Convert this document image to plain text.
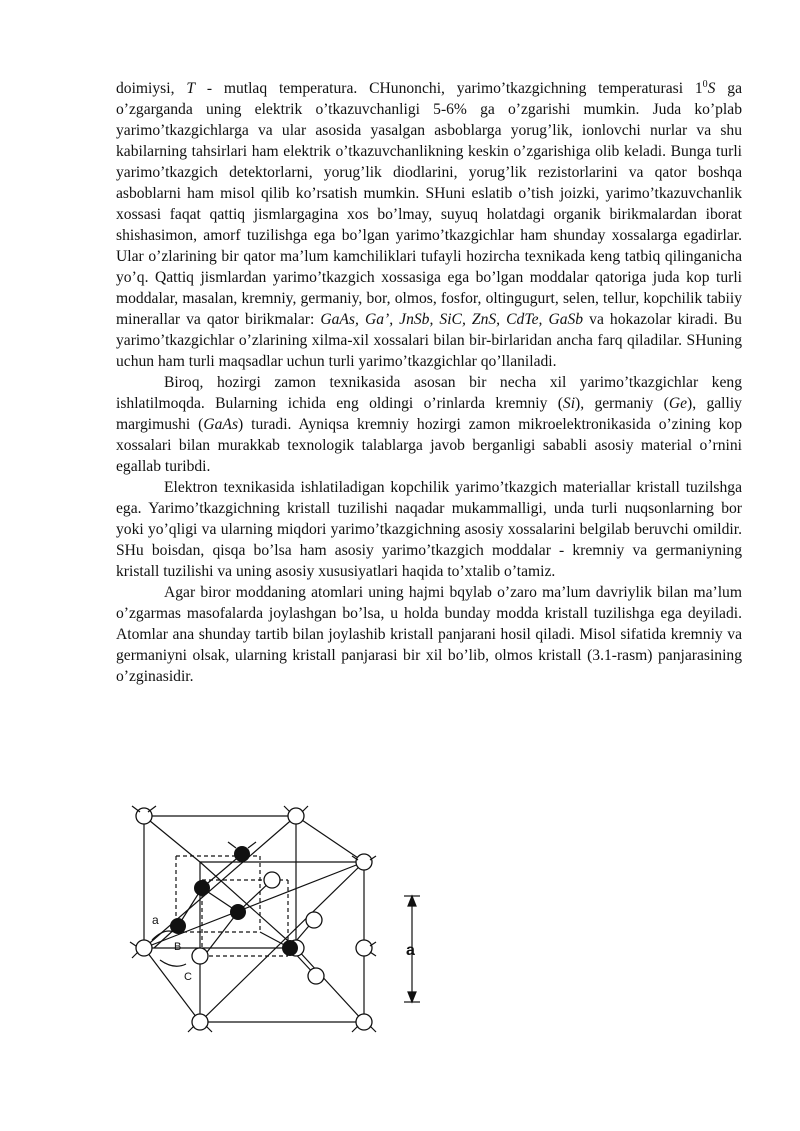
doimiysi, T - mutlaq temperatura. CHunonchi, yarimo’tkazgichning temperaturasi $1^0S$ ga o’zgarganda uning elektrik o’tkazuvchanligi 5-6% ga o’zgarishi mumkin. Juda ko’plab yarimo’tkazgichlarga va ular asosida yasalgan asboblarga yorug’lik, ionlovchi nurlar va shu kabilarning tahsirlari ham elektrik o’tkazuvchanlikning keskin o’zgarishiga olib keladi. Bunga turli yarimo’tkazgich detektorlarni, yorug’lik diodlarini, yorug’lik rezistorlarini va qator boshqa asboblarni ham misol qilib ko’rsatish mumkin. SHuni eslatib o’tish joizki, yarimo’tkazuvchanlik xossasi faqat qattiq jismlargagina xos bo’lmay, suyuq holatdagi organik birikmalardan iborat shishasimon, amorf tuzilishga ega bo’lgan yarimo’tkazgichlar ham shunday xossalarga egadirlar. Ular o’zlarining bir qator ma’lum kamchiliklari tufayli hozircha texnikada keng tatbiq qilinganicha yo’q. Qattiq jismlardan yarimo’tkazgich xossasiga ega bo’lgan moddalar qatoriga juda kop turli moddalar, masalan, kremniy, germaniy, bor, olmos, fosfor, oltingugurt, selen, tellur, kopchilik tabiiy minerallar va qator birikmalar: GaAs, Ga’, JnSb, SiC, ZnS, CdTe, GaSb va hokazolar kiradi. Bu yarimo’tkazgichlar o’zlarining xilma-xil xossalari bilan bir-birlaridan ancha farq qiladilar. SHuning uchun ham turli maqsadlar uchun turli yarimo’tkazgichlar qo’llaniladi.

Biroq, hozirgi zamon texnikasida asosan bir necha xil yarimo’tkazgichlar keng ishlatilmoqda. Bularning ichida eng oldingi o’rinlarda kremniy (Si), germaniy (Ge), galliy margimushi (GaAs) turadi. Ayniqsa kremniy hozirgi zamon mikroelektronikasida o’zining kop xossalari bilan murakkab texnologik talablarga javob berganligi sababli asosiy material o’rnini egallab turibdi.

Elektron texnikasida ishlatiladigan kopchilik yarimo’tkazgich materiallar kristall tuzilshga ega. Yarimo’tkazgichning kristall tuzilishi naqadar mukammalligi, unda turli nuqsonlarning bor yoki yo’qligi va ularning miqdori yarimo’tkazgichning asosiy xossalarini belgilab beruvchi omildir. SHu boisdan, qisqa bo’lsa ham asosiy yarimo’tkazgich moddalar - kremniy va germaniyning kristall tuzilishi va uning asosiy xususiyatlari haqida to’xtalib o’tamiz.

Agar biror moddaning atomlari uning hajmi bqylab o’zaro ma’lum davriylik bilan ma’lum o’zgarmas masofalarda joylashgan bo’lsa, u holda bunday modda kristall tuzilishga ega deyiladi. Atomlar ana shunday tartib bilan joylashib kristall panjarani hosil qiladi. Misol sifatida kremniy va germaniyni olsak, ularning kristall panjarasi bir xil bo’lib, olmos kristall (3.1-rasm) panjarasining o’zginasidir.

a
B
C
a
